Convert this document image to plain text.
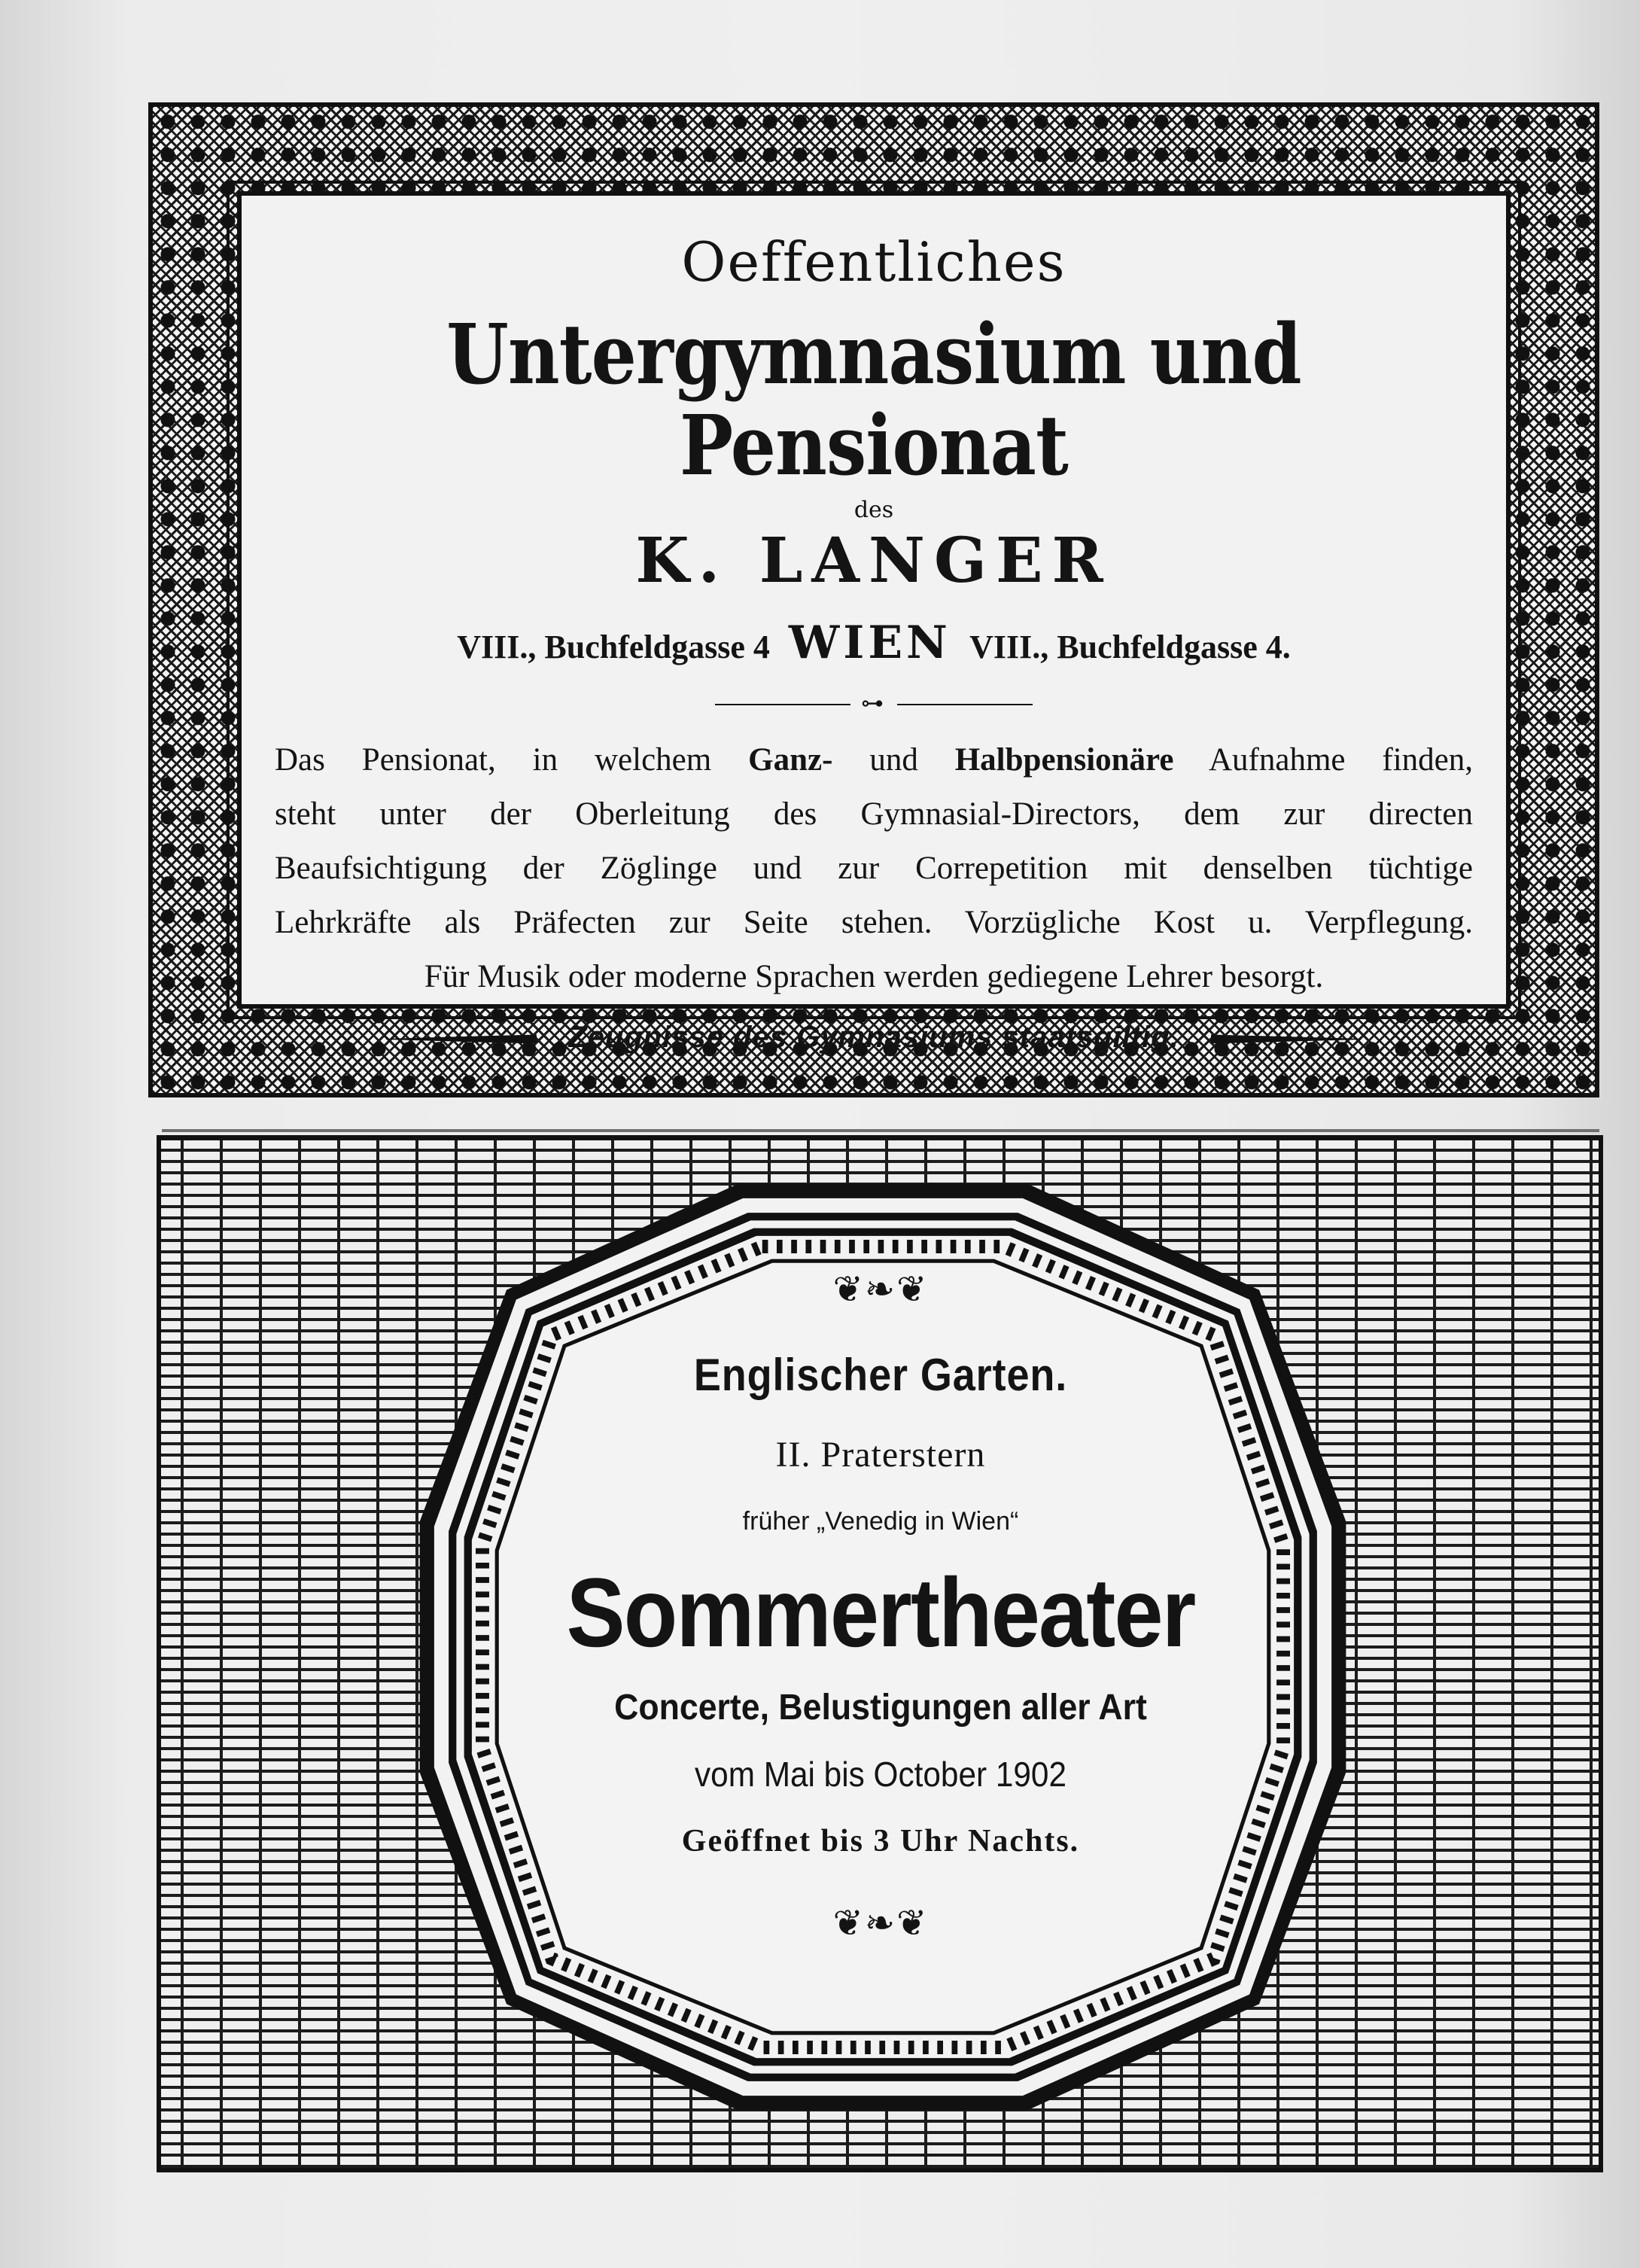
Oeffentliches
Untergymnasium und Pensionat
des
K. LANGER
VIII., Buchfeldgasse 4 WIEN VIII., Buchfeldgasse 4.
⊶
Das Pensionat, in welchem Ganz- und Halbpensionäre Aufnahme finden,
steht unter der Oberleitung des Gymnasial-Directors, dem zur directen
Beaufsichtigung der Zöglinge und zur Correpetition mit denselben tüchtige
Lehrkräfte als Präfecten zur Seite stehen. Vorzügliche Kost u. Verpflegung.
Für Musik oder moderne Sprachen werden gediegene Lehrer besorgt.
Zeugnisse des Gymnasiums staatsgiltig.
❦❧❦
Englischer Garten.
II. Praterstern
früher „Venedig in Wien“
Sommertheater
Concerte, Belustigungen aller Art
vom Mai bis October 1902
Geöffnet bis 3 Uhr Nachts.
❦❧❦
